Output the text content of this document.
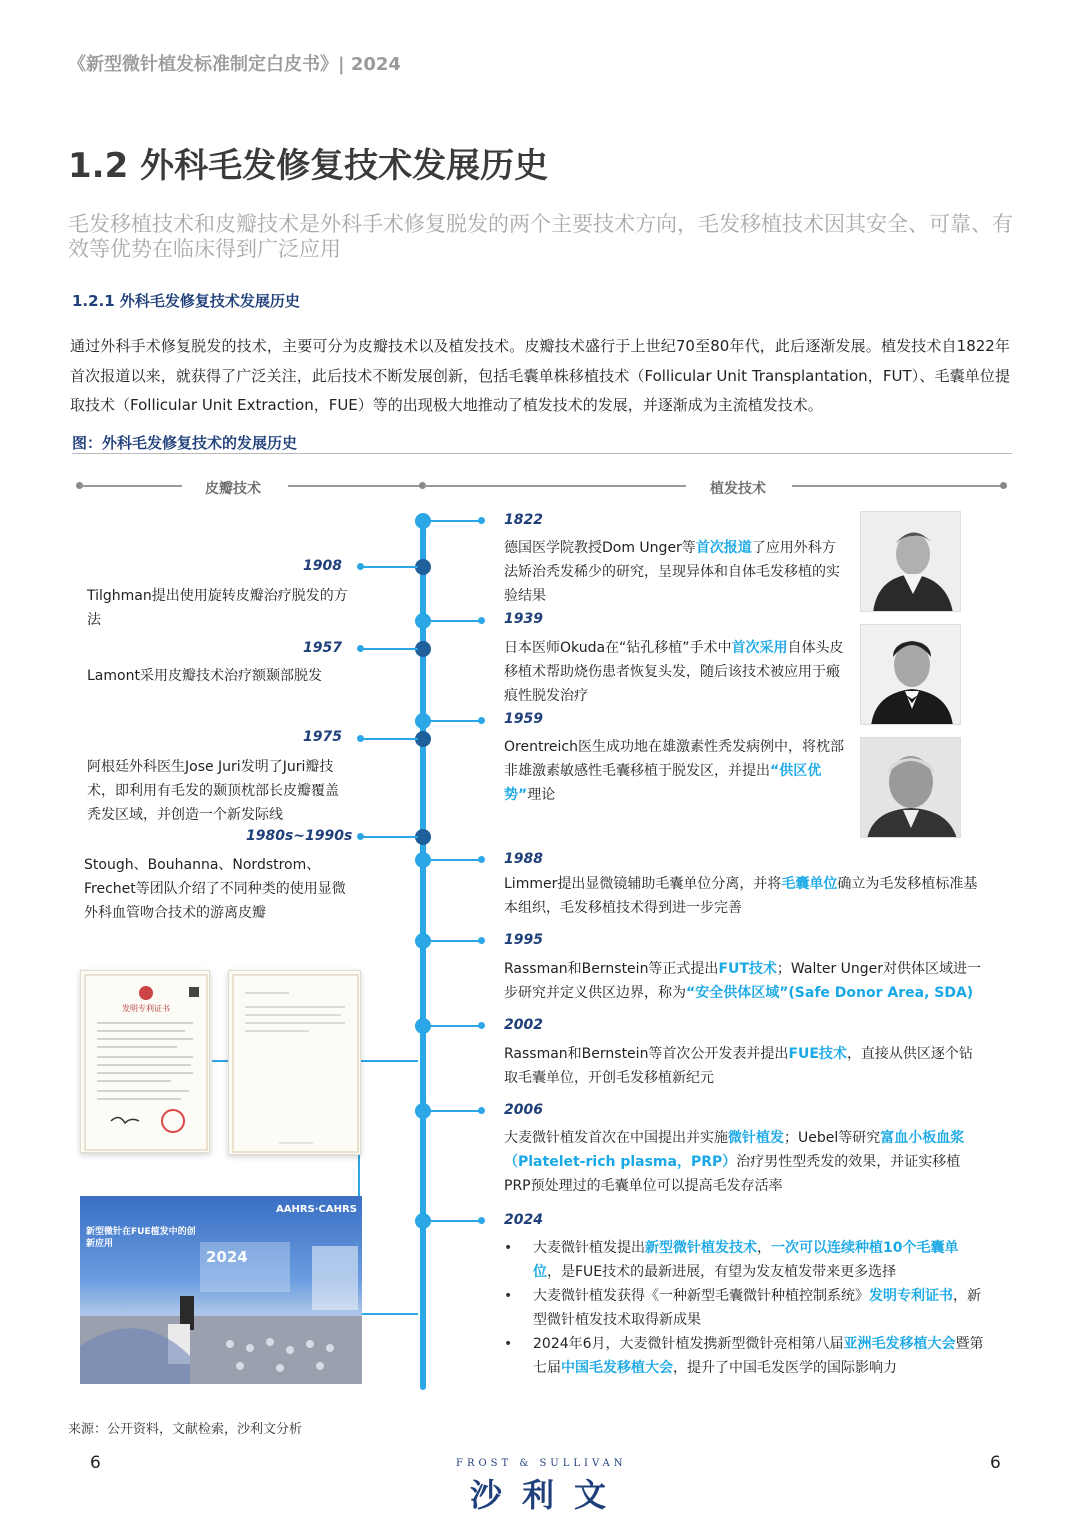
《新型微针植发标准制定白皮书》| 2024
1.2 外科毛发修复技术发展历史
毛发移植技术和皮瓣技术是外科手术修复脱发的两个主要技术方向，毛发移植技术因其安全、可靠、有效等优势在临床得到广泛应用
1.2.1 外科毛发修复技术发展历史
通过外科手术修复脱发的技术，主要可分为皮瓣技术以及植发技术。皮瓣技术盛行于上世纪70至80年代，此后逐渐发展。植发技术自1822年首次报道以来，就获得了广泛关注，此后技术不断发展创新，包括毛囊单株移植技术（Follicular Unit Transplantation，FUT）、毛囊单位提取技术（Follicular Unit Extraction，FUE）等的出现极大地推动了植发技术的发展，并逐渐成为主流植发技术。
图：外科毛发修复技术的发展历史
皮瓣技术	植发技术
1908
Tilghman提出使用旋转皮瓣治疗脱发的方法
1957
Lamont采用皮瓣技术治疗额颞部脱发
1975
阿根廷外科医生Jose Juri发明了Juri瓣技术，即利用有毛发的颞顶枕部长皮瓣覆盖秃发区域，并创造一个新发际线
1980s~1990s
Stough、Bouhanna、Nordstrom、Frechet等团队介绍了不同种类的使用显微外科血管吻合技术的游离皮瓣
1822
德国医学院教授Dom Unger等首次报道了应用外科方法矫治秃发稀少的研究，呈现异体和自体毛发移植的实验结果
1939
日本医师Okuda在“钻孔移植”手术中首次采用自体头皮移植术帮助烧伤患者恢复头发，随后该技术被应用于瘢痕性脱发治疗
1959
Orentreich医生成功地在雄激素性秃发病例中，将枕部非雄激素敏感性毛囊移植于脱发区，并提出“供区优势”理论
1988
Limmer提出显微镜辅助毛囊单位分离，并将毛囊单位确立为毛发移植标准基本组织，毛发移植技术得到进一步完善
1995
Rassman和Bernstein等正式提出FUT技术；Walter Unger对供体区域进一步研究并定义供区边界，称为“安全供体区域”(Safe Donor Area, SDA)
2002
Rassman和Bernstein等首次公开发表并提出FUE技术，直接从供区逐个钻取毛囊单位，开创毛发移植新纪元
2006
大麦微针植发首次在中国提出并实施微针植发；Uebel等研究富血小板血浆（Platelet-rich plasma，PRP）治疗男性型秃发的效果，并证实移植PRP预处理过的毛囊单位可以提高毛发存活率
2024
• 大麦微针植发提出新型微针植发技术，一次可以连续种植10个毛囊单位，是FUE技术的最新进展，有望为发友植发带来更多选择
• 大麦微针植发获得《一种新型毛囊微针种植控制系统》发明专利证书，新型微针植发技术取得新成果
• 2024年6月，大麦微针植发携新型微针亮相第八届亚洲毛发移植大会暨第七届中国毛发移植大会，提升了中国毛发医学的国际影响力
发明专利证书
新型微针在FUE植发中的创新应用
2024
AAHRS·CAHRS
来源：公开资料，文献检索，沙利文分析
6	6
FROST & SULLIVAN
沙利文
